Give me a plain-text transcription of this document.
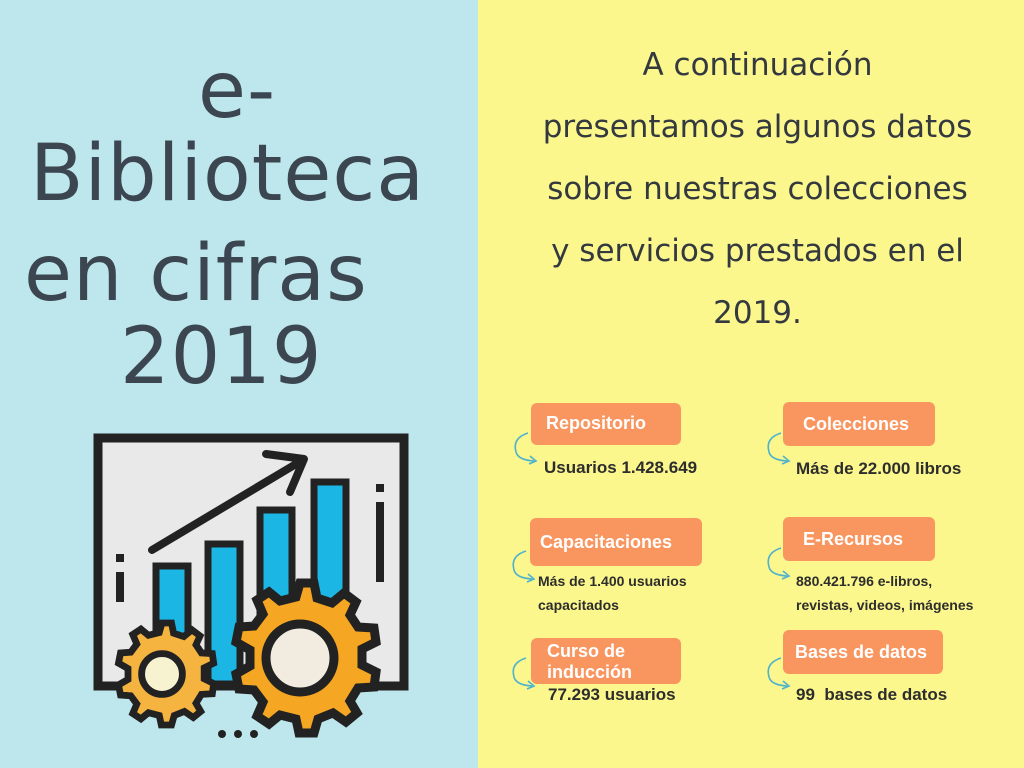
e-
Biblioteca
en cifras
2019
A continuación
presentamos algunos datos
sobre nuestras colecciones
y servicios prestados en el
2019.
Repositorio
Usuarios 1.428.649
Colecciones
Más de 22.000 libros
Capacitaciones
Más de 1.400 usuarios
capacitados
E-Recursos
880.421.796 e-libros,
revistas, videos, imágenes
Curso de
inducción
77.293 usuarios
Bases de datos
99  bases de datos
